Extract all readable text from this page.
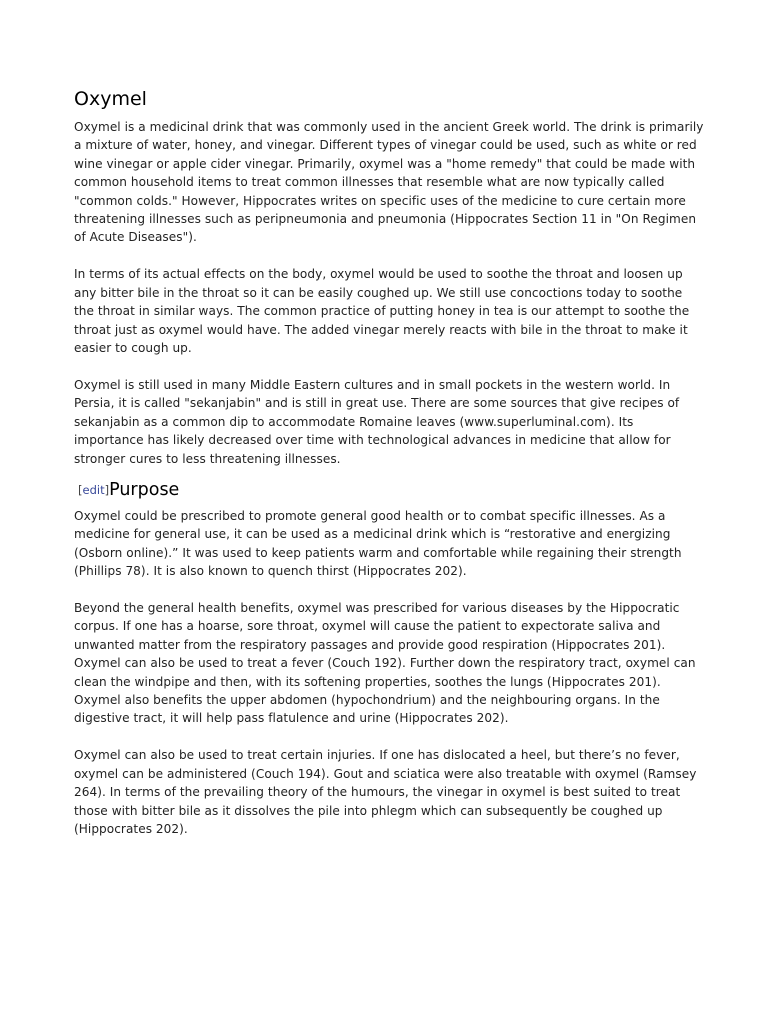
Oxymel

Oxymel is a medicinal drink that was commonly used in the ancient Greek world. The drink is primarily a mixture of water, honey, and vinegar. Different types of vinegar could be used, such as white or red wine vinegar or apple cider vinegar. Primarily, oxymel was a "home remedy" that could be made with common household items to treat common illnesses that resemble what are now typically called "common colds." However, Hippocrates writes on specific uses of the medicine to cure certain more threatening illnesses such as peripneumonia and pneumonia (Hippocrates Section 11 in "On Regimen of Acute Diseases").

In terms of its actual effects on the body, oxymel would be used to soothe the throat and loosen up any bitter bile in the throat so it can be easily coughed up. We still use concoctions today to soothe the throat in similar ways. The common practice of putting honey in tea is our attempt to soothe the throat just as oxymel would have. The added vinegar merely reacts with bile in the throat to make it easier to cough up.

Oxymel is still used in many Middle Eastern cultures and in small pockets in the western world. In Persia, it is called "sekanjabin" and is still in great use. There are some sources that give recipes of sekanjabin as a common dip to accommodate Romaine leaves (www.superluminal.com). Its importance has likely decreased over time with technological advances in medicine that allow for stronger cures to less threatening illnesses.

[edit]Purpose

Oxymel could be prescribed to promote general good health or to combat specific illnesses. As a medicine for general use, it can be used as a medicinal drink which is “restorative and energizing (Osborn online).” It was used to keep patients warm and comfortable while regaining their strength (Phillips 78). It is also known to quench thirst (Hippocrates 202).

Beyond the general health benefits, oxymel was prescribed for various diseases by the Hippocratic corpus. If one has a hoarse, sore throat, oxymel will cause the patient to expectorate saliva and unwanted matter from the respiratory passages and provide good respiration (Hippocrates 201). Oxymel can also be used to treat a fever (Couch 192). Further down the respiratory tract, oxymel can clean the windpipe and then, with its softening properties, soothes the lungs (Hippocrates 201). Oxymel also benefits the upper abdomen (hypochondrium) and the neighbouring organs. In the digestive tract, it will help pass flatulence and urine (Hippocrates 202).

Oxymel can also be used to treat certain injuries. If one has dislocated a heel, but there’s no fever, oxymel can be administered (Couch 194). Gout and sciatica were also treatable with oxymel (Ramsey 264). In terms of the prevailing theory of the humours, the vinegar in oxymel is best suited to treat those with bitter bile as it dissolves the pile into phlegm which can subsequently be coughed up (Hippocrates 202).
